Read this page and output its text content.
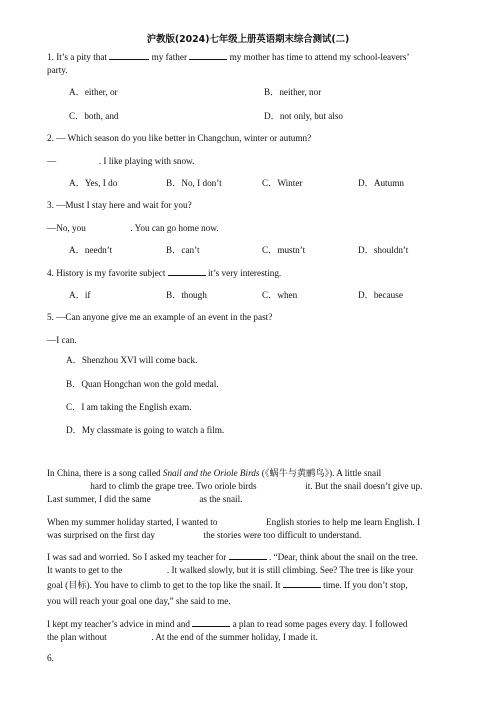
沪教版(2024)七年级上册英语期末综合测试(二)
1. It’s a pity that	my father	my mother has time to attend my school-leavers’
party.
A．either, or	B．neither, nor
C．both, and	D．not only, but also
2. — Which season do you like better in Changchun, winter or autumn?
—	. I like playing with snow.
A．Yes, I do	B．No, I don’t	C．Winter	D．Autumn
3. —Must I stay here and wait for you?
—No, you	. You can go home now.
A．needn’t	B．can’t	C．mustn’t	D．shouldn’t
4. History is my favorite subject	it’s very interesting.
A．if	B．though	C．when	D．because
5. —Can anyone give me an example of an event in the past?
—I can.
A．Shenzhou XVI will come back.
B．Quan Hongchan won the gold medal.
C．I am taking the English exam.
D．My classmate is going to watch a film.
In China, there is a song called Snail and the Oriole Birds (《蜗牛与黄鹂鸟》). A little snail
hard to climb the grape tree. Two oriole birds	it. But the snail doesn’t give up.
Last summer, I did the same	as the snail.
When my summer holiday started, I wanted to	English stories to help me learn English. I
was surprised on the first day	the stories were too difficult to understand.
I was sad and worried. So I asked my teacher for	. “Dear, think about the snail on the tree.
It wants to get to the	. It walked slowly, but it is still climbing. See? The tree is like your
goal (目标). You have to climb to get to the top like the snail. It	time. If you don’t stop,
you will reach your goal one day,” she said to me.
I kept my teacher’s advice in mind and	a plan to read some pages every day. I followed
the plan without	. At the end of the summer holiday, I made it.
6.
